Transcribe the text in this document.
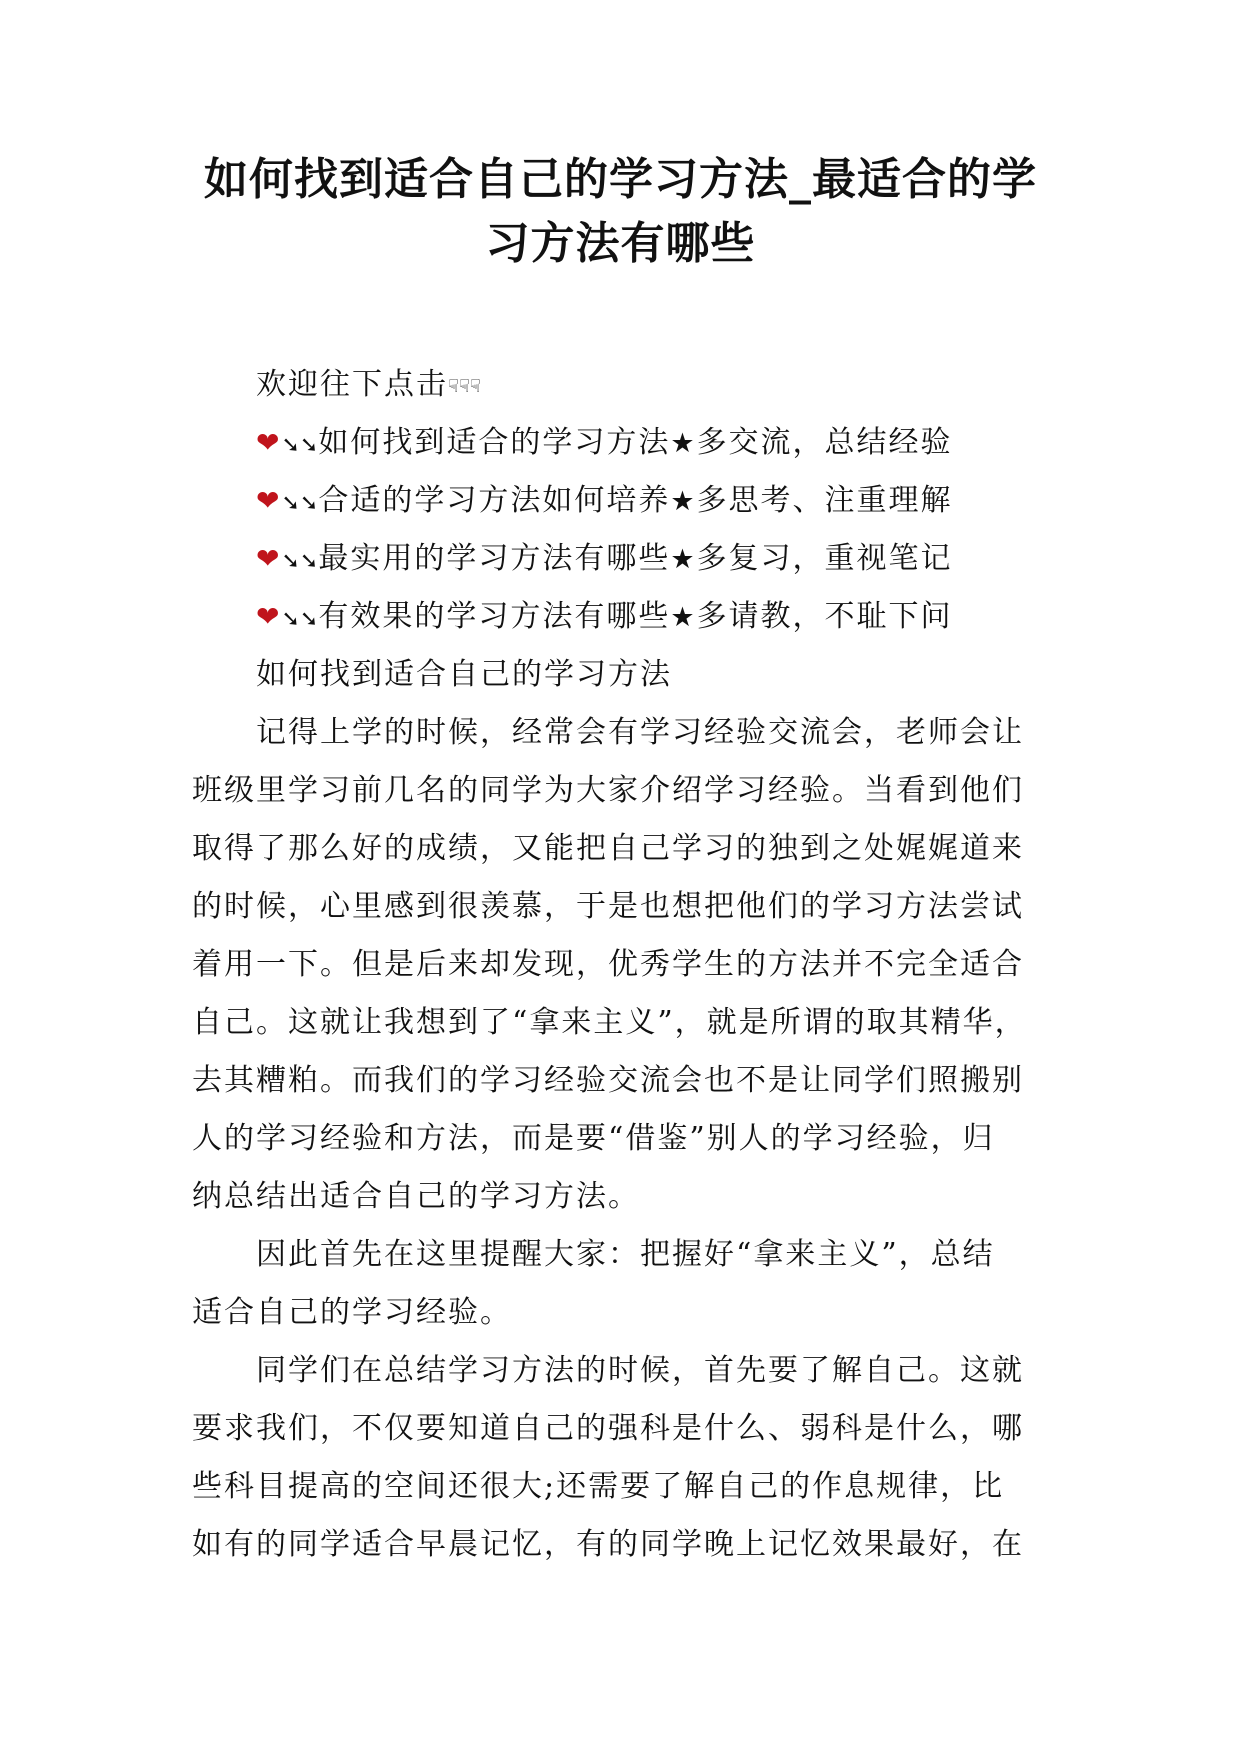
如何找到适合自己的学习方法_最适合的学
习方法有哪些
欢迎往下点击☟☟☟
❤➘➘如何找到适合的学习方法★多交流，总结经验
❤➘➘合适的学习方法如何培养★多思考、注重理解
❤➘➘最实用的学习方法有哪些★多复习，重视笔记
❤➘➘有效果的学习方法有哪些★多请教，不耻下问
如何找到适合自己的学习方法

记得上学的时候，经常会有学习经验交流会，老师会让
班级里学习前几名的同学为大家介绍学习经验。当看到他们
取得了那么好的成绩，又能把自己学习的独到之处娓娓道来
的时候，心里感到很羡慕，于是也想把他们的学习方法尝试
着用一下。但是后来却发现，优秀学生的方法并不完全适合
自己。这就让我想到了“拿来主义”，就是所谓的取其精华，
去其糟粕。而我们的学习经验交流会也不是让同学们照搬别
人的学习经验和方法，而是要“借鉴”别人的学习经验，归
纳总结出适合自己的学习方法。

因此首先在这里提醒大家：把握好“拿来主义”，总结
适合自己的学习经验。

同学们在总结学习方法的时候，首先要了解自己。这就
要求我们，不仅要知道自己的强科是什么、弱科是什么，哪
些科目提高的空间还很大;还需要了解自己的作息规律，比
如有的同学适合早晨记忆，有的同学晚上记忆效果最好，在
